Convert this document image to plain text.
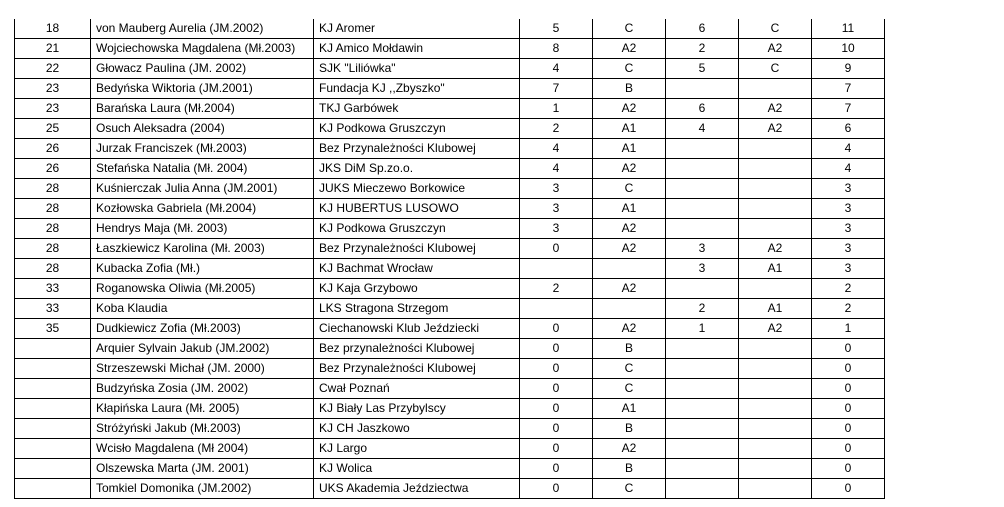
18	von Mauberg Aurelia (JM.2002)	KJ Aromer	5	C	6	C	11
21	Wojciechowska Magdalena (Mł.2003)	KJ Amico Mołdawin	8	A2	2	A2	10
22	Głowacz Paulina (JM. 2002)	SJK "Liliówka"	4	C	5	C	9
23	Bedyńska Wiktoria (JM.2001)	Fundacja KJ ,,Zbyszko"	7	B			7
23	Barańska Laura (Mł.2004)	TKJ Garbówek	1	A2	6	A2	7
25	Osuch Aleksadra (2004)	KJ Podkowa Gruszczyn	2	A1	4	A2	6
26	Jurzak Franciszek (Mł.2003)	Bez Przynależności Klubowej	4	A1			4
26	Stefańska Natalia (Mł. 2004)	JKS DiM Sp.zo.o.	4	A2			4
28	Kuśnierczak Julia Anna (JM.2001)	JUKS Mieczewo Borkowice	3	C			3
28	Kozłowska Gabriela (Mł.2004)	KJ HUBERTUS LUSOWO	3	A1			3
28	Hendrys Maja (Mł. 2003)	KJ Podkowa Gruszczyn	3	A2			3
28	Łaszkiewicz Karolina (Mł. 2003)	Bez Przynależności Klubowej	0	A2	3	A2	3
28	Kubacka Zofia (Mł.)	KJ Bachmat Wrocław			3	A1	3
33	Roganowska Oliwia (Mł.2005)	KJ Kaja Grzybowo	2	A2			2
33	Koba Klaudia	LKS Stragona Strzegom			2	A1	2
35	Dudkiewicz Zofia (Mł.2003)	Ciechanowski Klub Jeździecki	0	A2	1	A2	1
	Arquier Sylvain Jakub (JM.2002)	Bez przynależności Klubowej	0	B			0
	Strzeszewski Michał (JM. 2000)	Bez Przynależności Klubowej	0	C			0
	Budzyńska Zosia (JM. 2002)	Cwał Poznań	0	C			0
	Kłapińska Laura (Mł. 2005)	KJ Biały Las Przybylscy	0	A1			0
	Stróżyński Jakub (Mł.2003)	KJ CH Jaszkowo	0	B			0
	Wcisło Magdalena (Mł 2004)	KJ Largo	0	A2			0
	Olszewska Marta (JM. 2001)	KJ Wolica	0	B			0
	Tomkiel Domonika (JM.2002)	UKS Akademia Jeździectwa	0	C			0
